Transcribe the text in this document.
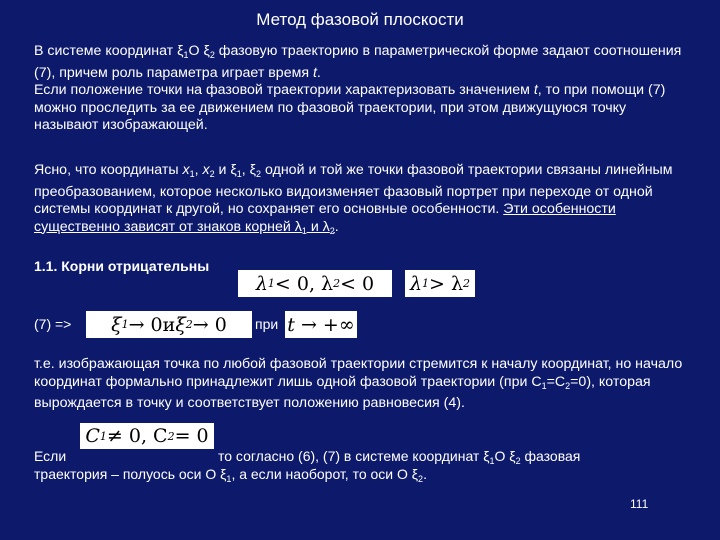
Метод фазовой плоскости
В системе координат $\xi_1O$ $\xi_2$ фазовую траекторию в параметрической форме задают соотношения (7), причем роль параметра играет время t.
Если положение точки на фазовой траектории характеризовать значением t, то при помощи (7) можно проследить за ее движением по фазовой траектории, при этом движущуюся точку называют изображающей.
Ясно, что координаты $x_1$, $x_2$ и $\xi_1$, $\xi_2$ одной и той же точки фазовой траектории связаны линейным преобразованием, которое несколько видоизменяет фазовый портрет при переходе от одной системы координат к другой, но сохраняет его основные особенности. Эти особенности существенно зависят от знаков корней $\lambda_1$ и $\lambda_2$.
1.1. Корни отрицательны
λ 1 < 0, λ 2 < 0 λ 1 > λ 2
(7) => ξ 1 → 0 и ξ 2 → 0 при t → +∞
т.е. изображающая точка по любой фазовой траектории стремится к началу координат, но начало координат формально принадлежит лишь одной фазовой траектории (при $C_1=C_2=0$), которая вырождается в точку и соответствует положению равновесия (4).
C 1 ≠ 0, C 2 = 0
Если	то согласно (6), (7) в системе координат $\xi_1O$ $\xi_2$ фазовая
траектория – полуось оси O $\xi_1$, а если наоборот, то оси O $\xi_2$.
111
